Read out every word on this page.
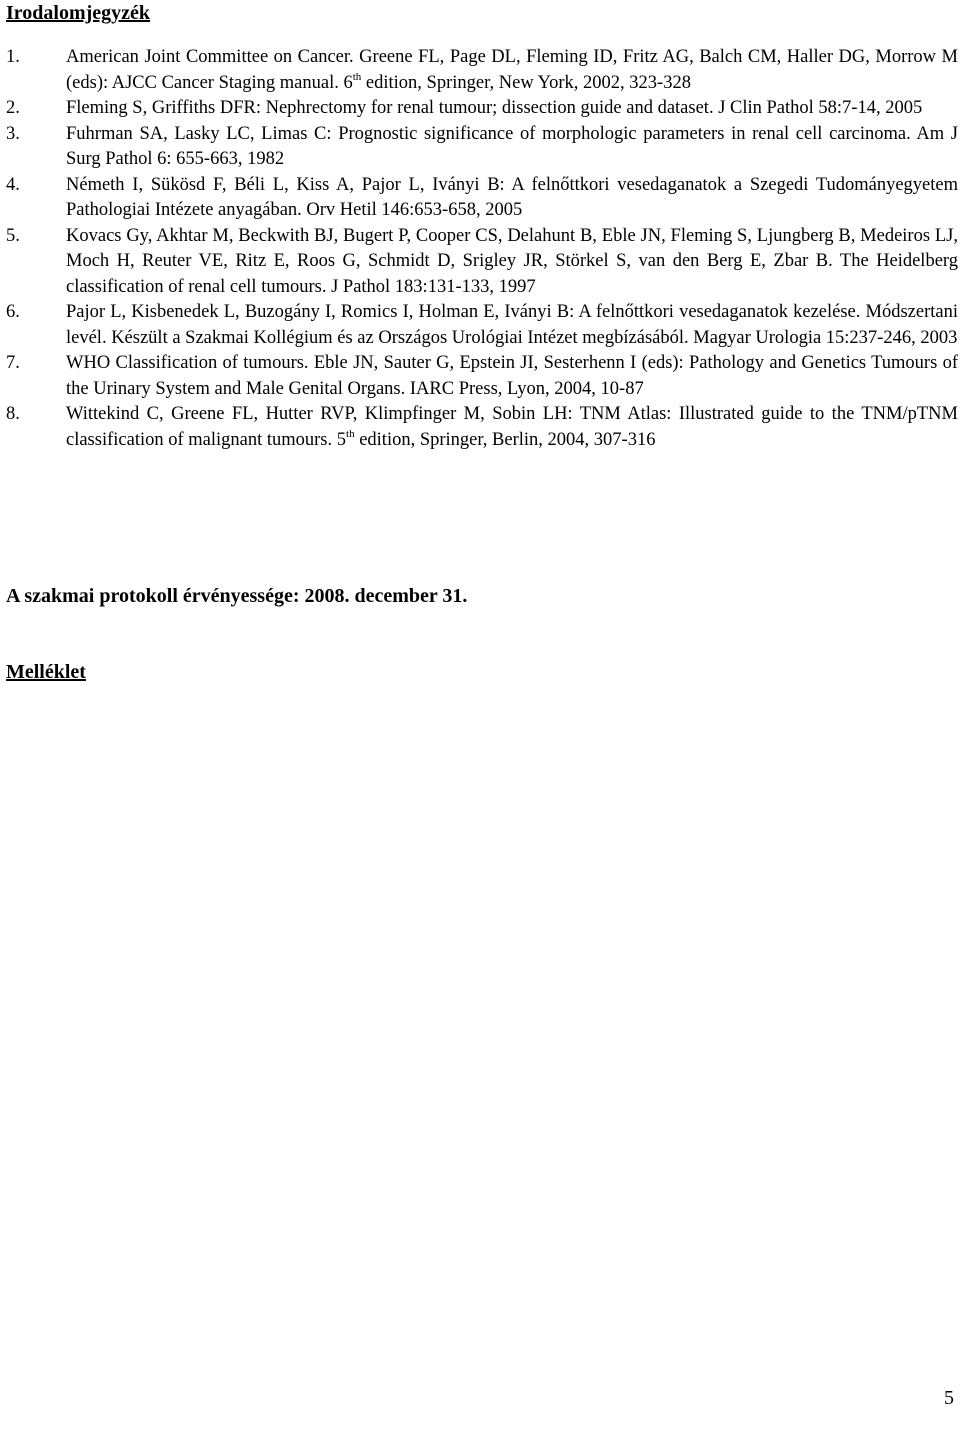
Irodalomjegyzék
1. American Joint Committee on Cancer. Greene FL, Page DL, Fleming ID, Fritz AG, Balch CM, Haller DG, Morrow M (eds): AJCC Cancer Staging manual. 6th edition, Springer, New York, 2002, 323-328
2. Fleming S, Griffiths DFR: Nephrectomy for renal tumour; dissection guide and dataset. J Clin Pathol 58:7-14, 2005
3. Fuhrman SA, Lasky LC, Limas C: Prognostic significance of morphologic parameters in renal cell carcinoma. Am J Surg Pathol 6: 655-663, 1982
4. Németh I, Sükösd F, Béli L, Kiss A, Pajor L, Iványi B: A felnőttkori vesedaganatok a Szegedi Tudományegyetem Pathologiai Intézete anyagában. Orv Hetil 146:653-658, 2005
5. Kovacs Gy, Akhtar M, Beckwith BJ, Bugert P, Cooper CS, Delahunt B, Eble JN, Fleming S, Ljungberg B, Medeiros LJ, Moch H, Reuter VE, Ritz E, Roos G, Schmidt D, Srigley JR, Störkel S, van den Berg E, Zbar B. The Heidelberg classification of renal cell tumours. J Pathol 183:131-133, 1997
6. Pajor L, Kisbenedek L, Buzogány I, Romics I, Holman E, Iványi B: A felnőttkori vesedaganatok kezelése. Módszertani levél. Készült a Szakmai Kollégium és az Országos Urológiai Intézet megbízásából. Magyar Urologia 15:237-246, 2003
7. WHO Classification of tumours. Eble JN, Sauter G, Epstein JI, Sesterhenn I (eds): Pathology and Genetics Tumours of the Urinary System and Male Genital Organs. IARC Press, Lyon, 2004, 10-87
8. Wittekind C, Greene FL, Hutter RVP, Klimpfinger M, Sobin LH: TNM Atlas: Illustrated guide to the TNM/pTNM classification of malignant tumours. 5th edition, Springer, Berlin, 2004, 307-316
A szakmai protokoll érvényessége: 2008. december 31.
Melléklet
5
